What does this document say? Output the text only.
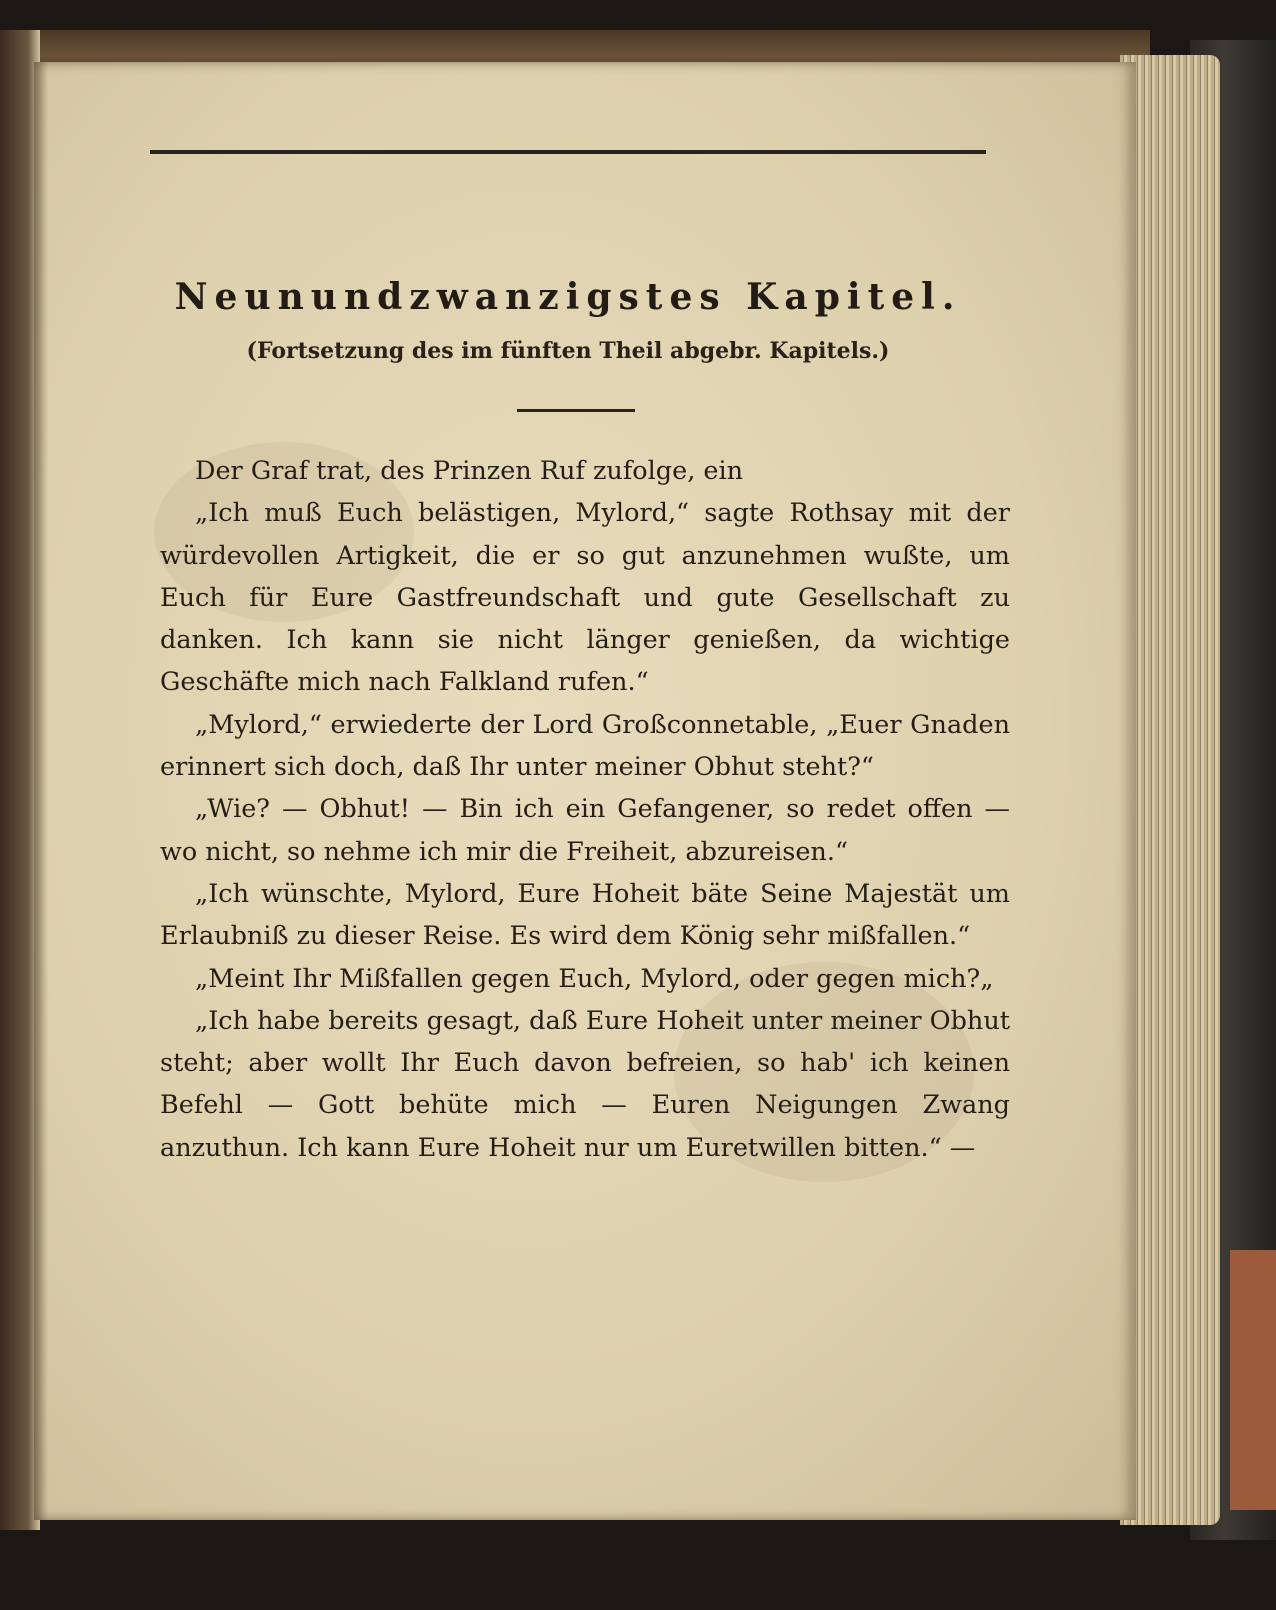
Neunundzwanzigstes Kapitel.
(Fortsetzung des im fünften Theil abgebr. Kapitels.)

Der Graf trat, des Prinzen Ruf zufolge, ein

„Ich muß Euch belästigen, Mylord,“ sagte Rothsay mit der würdevollen Artigkeit, die er so gut anzunehmen wußte, um Euch für Eure Gastfreundschaft und gute Gesellschaft zu danken. Ich kann sie nicht länger genießen, da wichtige Geschäfte mich nach Falkland rufen.“

„Mylord,“ erwiederte der Lord Großconnetable, „Euer Gnaden erinnert sich doch, daß Ihr unter meiner Obhut steht?“

„Wie? — Obhut! — Bin ich ein Gefangener, so redet offen — wo nicht, so nehme ich mir die Freiheit, abzureisen.“

„Ich wünschte, Mylord, Eure Hoheit bäte Seine Majestät um Erlaubniß zu dieser Reise. Es wird dem König sehr mißfallen.“

„Meint Ihr Mißfallen gegen Euch, Mylord, oder gegen mich?„

„Ich habe bereits gesagt, daß Eure Hoheit unter meiner Obhut steht; aber wollt Ihr Euch davon befreien, so hab' ich keinen Befehl — Gott behüte mich — Euren Neigungen Zwang anzuthun. Ich kann Eure Hoheit nur um Euretwillen bitten.“ —
